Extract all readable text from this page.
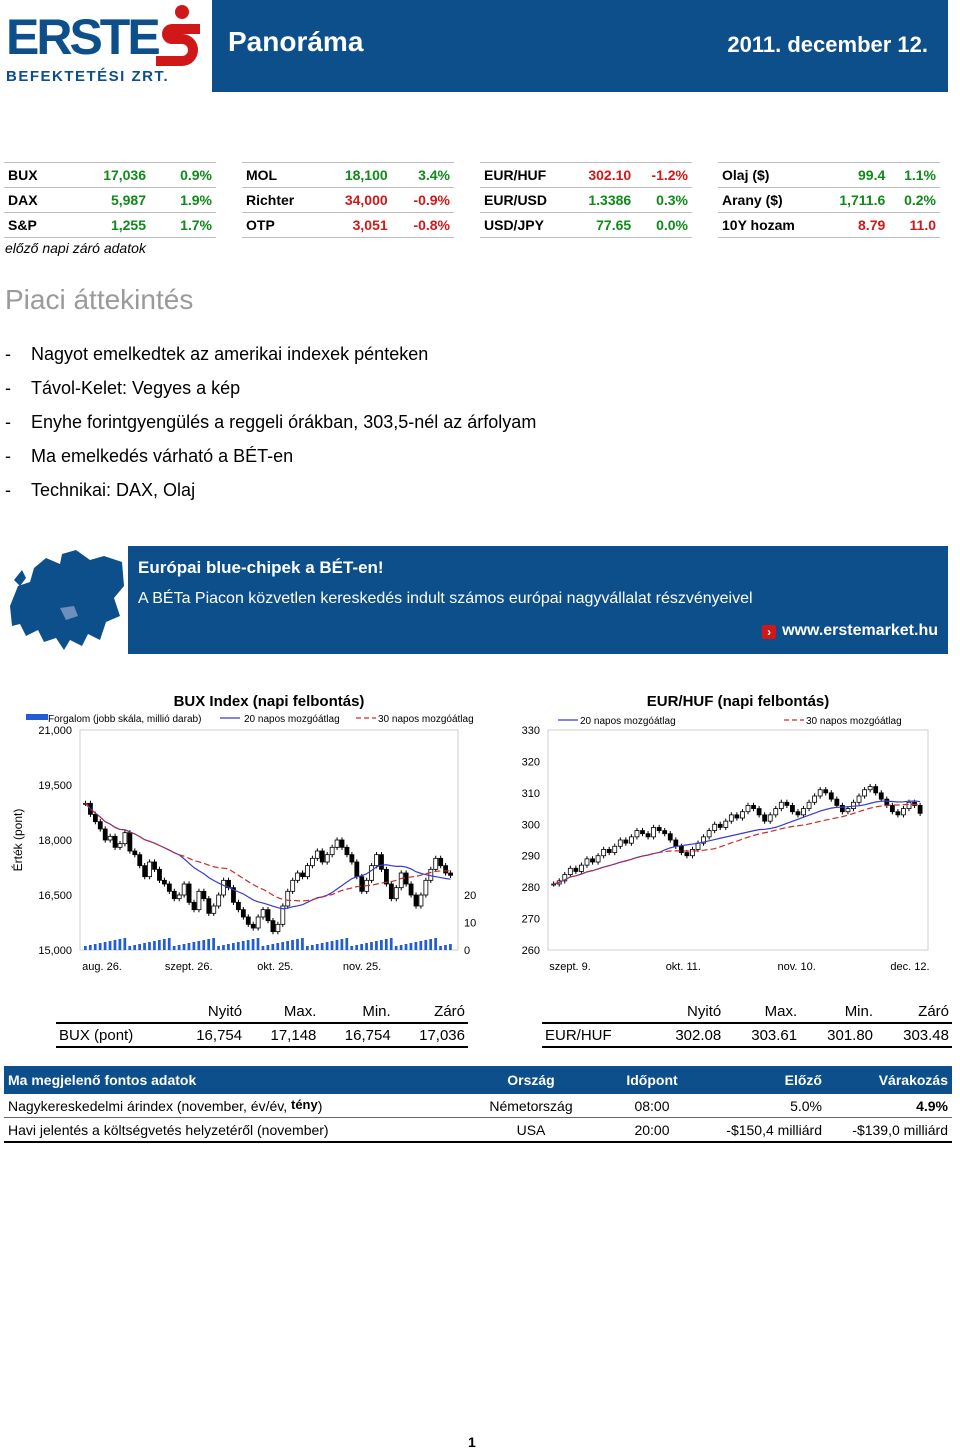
ERSTE
BEFEKTETÉSI ZRT.
Panoráma	2011. december 12.
BUX	17,036	0.9%
DAX	5,987	1.9%
S&P	1,255	1.7%
MOL	18,100	3.4%
Richter	34,000	-0.9%
OTP	3,051	-0.8%
EUR/HUF	302.10	-1.2%
EUR/USD	1.3386	0.3%
USD/JPY	77.65	0.0%
Olaj ($)	99.4	1.1%
Arany ($)	1,711.6	0.2%
10Y hozam	8.79	11.0
előző napi záró adatok
Piaci áttekintés
- Nagyot emelkedtek az amerikai indexek pénteken
- Távol-Kelet: Vegyes a kép
- Enyhe forintgyengülés a reggeli órákban, 303,5-nél az árfolyam
- Ma emelkedés várható a BÉT-en
- Technikai: DAX, Olaj
Európai blue-chipek a BÉT-en!
A BÉTa Piacon közvetlen kereskedés indult számos európai nagyvállalat részvényeivel
› www.erstemarket.hu
BUX Index (napi felbontás)
21,000
19,500
18,000
16,500
15,000
aug. 26.	szept. 26.	okt. 25.	nov. 25.
20
10
0
Forgalom (jobb skála, millió darab)	20 napos mozgóátlag	30 napos mozgóátlag
Érték (pont)
EUR/HUF (napi felbontás)
330
320
310
300
290
280
270
260
szept. 9.	okt. 11.	nov. 10.	dec. 12.
20 napos mozgóátlag	30 napos mozgóátlag
	Nyitó	Max.	Min.	Záró
BUX (pont)	16,754	17,148	16,754	17,036
	Nyitó	Max.	Min.	Záró
EUR/HUF	302.08	303.61	301.80	303.48
Ma megjelenő fontos adatok	Ország	Időpont	Előző	Várakozás
Nagykereskedelmi árindex (november, év/év, tény)	Németország	08:00	5.0%	4.9%
Havi jelentés a költségvetés helyzetéről (november)	USA	20:00	-$150,4 milliárd	-$139,0 milliárd
1
